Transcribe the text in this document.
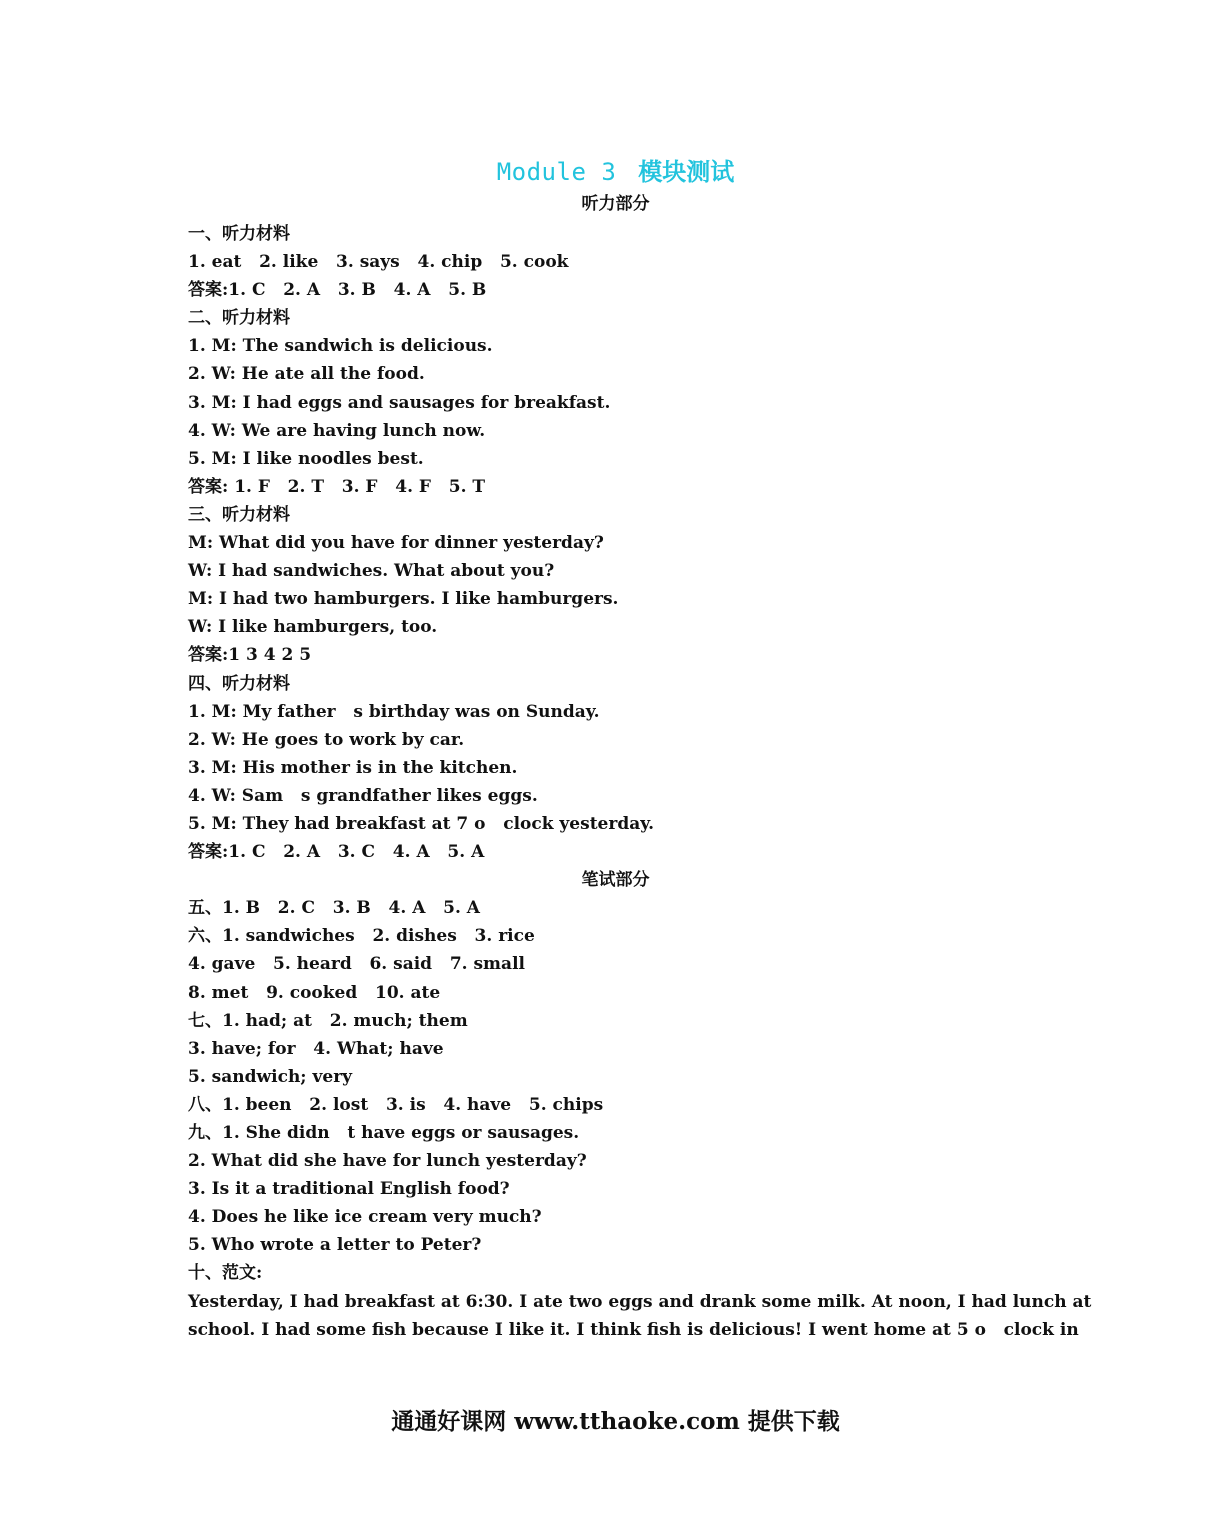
Module 3 模块测试
听力部分
一、听力材料
1. eat   2. like   3. says   4. chip   5. cook
答案:1. C   2. A   3. B   4. A   5. B
二、听力材料
1. M: The sandwich is delicious.
2. W: He ate all the food.
3. M: I had eggs and sausages for breakfast.
4. W: We are having lunch now.
5. M: I like noodles best.
答案: 1. F   2. T   3. F   4. F   5. T
三、听力材料
M: What did you have for dinner yesterday?
W: I had sandwiches. What about you?
M: I had two hamburgers. I like hamburgers.
W: I like hamburgers, too.
答案:1 3 4 2 5
四、听力材料
1. M: My father   s birthday was on Sunday.
2. W: He goes to work by car.
3. M: His mother is in the kitchen.
4. W: Sam   s grandfather likes eggs.
5. M: They had breakfast at 7 o   clock yesterday.
答案:1. C   2. A   3. C   4. A   5. A
笔试部分
五、1. B   2. C   3. B   4. A   5. A
六、1. sandwiches   2. dishes   3. rice
4. gave   5. heard   6. said   7. small
8. met   9. cooked   10. ate
七、1. had; at   2. much; them
3. have; for   4. What; have
5. sandwich; very
八、1. been   2. lost   3. is   4. have   5. chips
九、1. She didn   t have eggs or sausages.
2. What did she have for lunch yesterday?
3. Is it a traditional English food?
4. Does he like ice cream very much?
5. Who wrote a letter to Peter?
十、范文:
Yesterday, I had breakfast at 6:30. I ate two eggs and drank some milk. At noon, I had lunch at
school. I had some fish because I like it. I think fish is delicious! I went home at 5 o   clock in
通通好课网 www.tthaoke.com 提供下载
